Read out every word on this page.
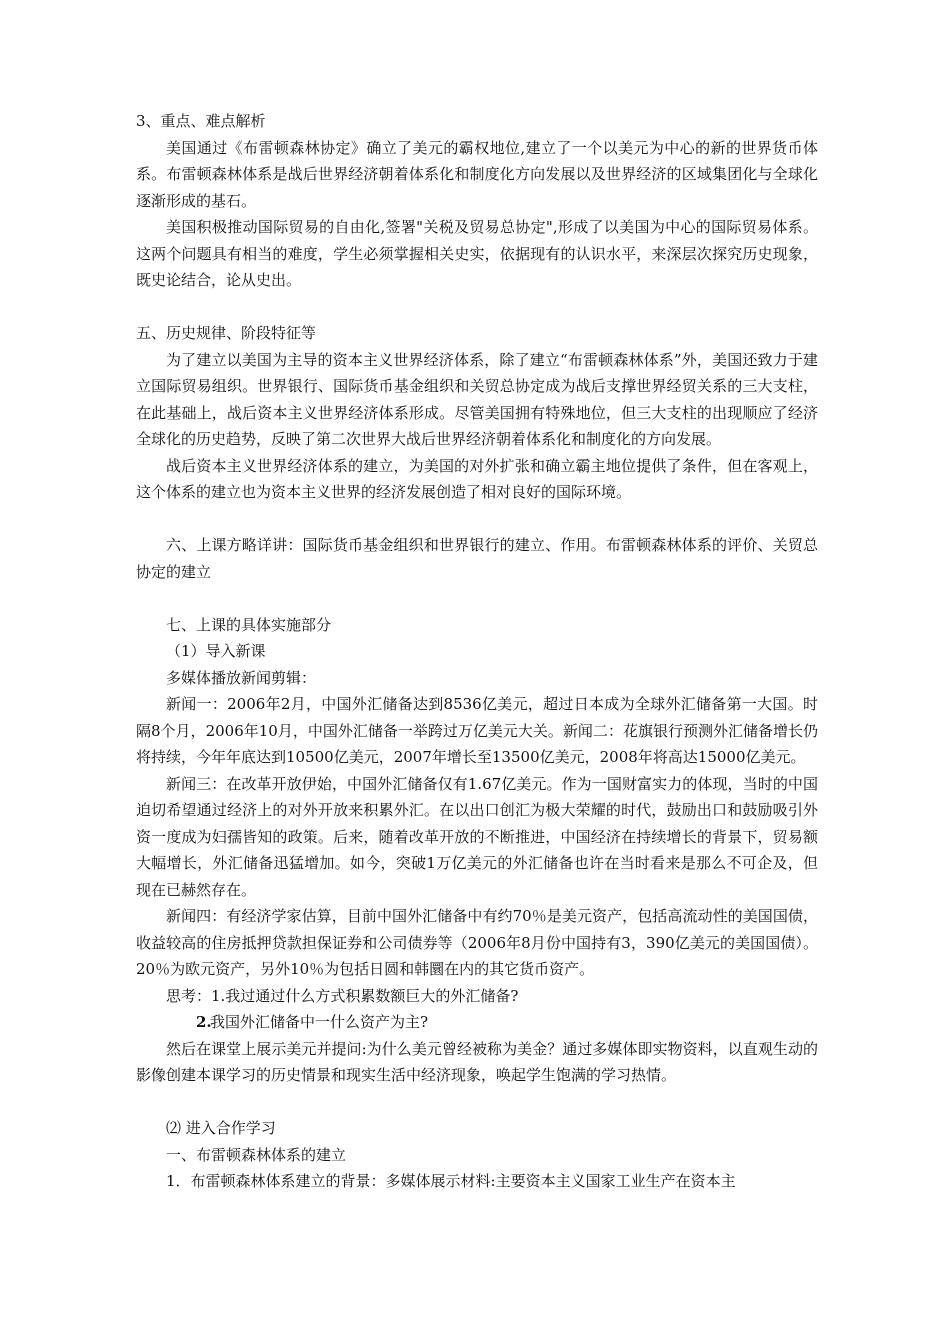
3、重点、难点解析

美国通过《布雷顿森林协定》确立了美元的霸权地位,建立了一个以美元为中心的新的世界货币体系。布雷顿森林体系是战后世界经济朝着体系化和制度化方向发展以及世界经济的区域集团化与全球化逐渐形成的基石。

美国积极推动国际贸易的自由化,签署"关税及贸易总协定",形成了以美国为中心的国际贸易体系。这两个问题具有相当的难度，学生必须掌握相关史实，依据现有的认识水平，来深层次探究历史现象，既史论结合，论从史出。

五、历史规律、阶段特征等

为了建立以美国为主导的资本主义世界经济体系，除了建立“布雷顿森林体系”外，美国还致力于建立国际贸易组织。世界银行、国际货币基金组织和关贸总协定成为战后支撑世界经贸关系的三大支柱，在此基础上，战后资本主义世界经济体系形成。尽管美国拥有特殊地位，但三大支柱的出现顺应了经济全球化的历史趋势，反映了第二次世界大战后世界经济朝着体系化和制度化的方向发展。

战后资本主义世界经济体系的建立，为美国的对外扩张和确立霸主地位提供了条件，但在客观上，这个体系的建立也为资本主义世界的经济发展创造了相对良好的国际环境。

六、上课方略详讲：国际货币基金组织和世界银行的建立、作用。布雷顿森林体系的评价、关贸总协定的建立

七、上课的具体实施部分

（1）导入新课

多媒体播放新闻剪辑：

新闻一：2006年2月，中国外汇储备达到8536亿美元，超过日本成为全球外汇储备第一大国。时隔8个月，2006年10月，中国外汇储备一举跨过万亿美元大关。新闻二：花旗银行预测外汇储备增长仍将持续，今年年底达到10500亿美元，2007年增长至13500亿美元，2008年将高达15000亿美元。

新闻三：在改革开放伊始，中国外汇储备仅有1.67亿美元。作为一国财富实力的体现，当时的中国迫切希望通过经济上的对外开放来积累外汇。在以出口创汇为极大荣耀的时代，鼓励出口和鼓励吸引外资一度成为妇孺皆知的政策。后来，随着改革开放的不断推进，中国经济在持续增长的背景下，贸易额大幅增长，外汇储备迅猛增加。如今，突破1万亿美元的外汇储备也许在当时看来是那么不可企及，但现在已赫然存在。

新闻四：有经济学家估算，目前中国外汇储备中有约70％是美元资产，包括高流动性的美国国债，收益较高的住房抵押贷款担保证券和公司债券等（2006年8月份中国持有3，390亿美元的美国国债）。20％为欧元资产，另外10％为包括日圆和韩圜在内的其它货币资产。

思考：1.我过通过什么方式积累数额巨大的外汇储备?

2.我国外汇储备中一什么资产为主?

然后在课堂上展示美元并提问:为什么美元曾经被称为美金？通过多媒体即实物资料，以直观生动的影像创建本课学习的历史情景和现实生活中经济现象，唤起学生饱满的学习热情。

⑵ 进入合作学习

一、布雷顿森林体系的建立

1．布雷顿森林体系建立的背景：多媒体展示材料:主要资本主义国家工业生产在资本主
